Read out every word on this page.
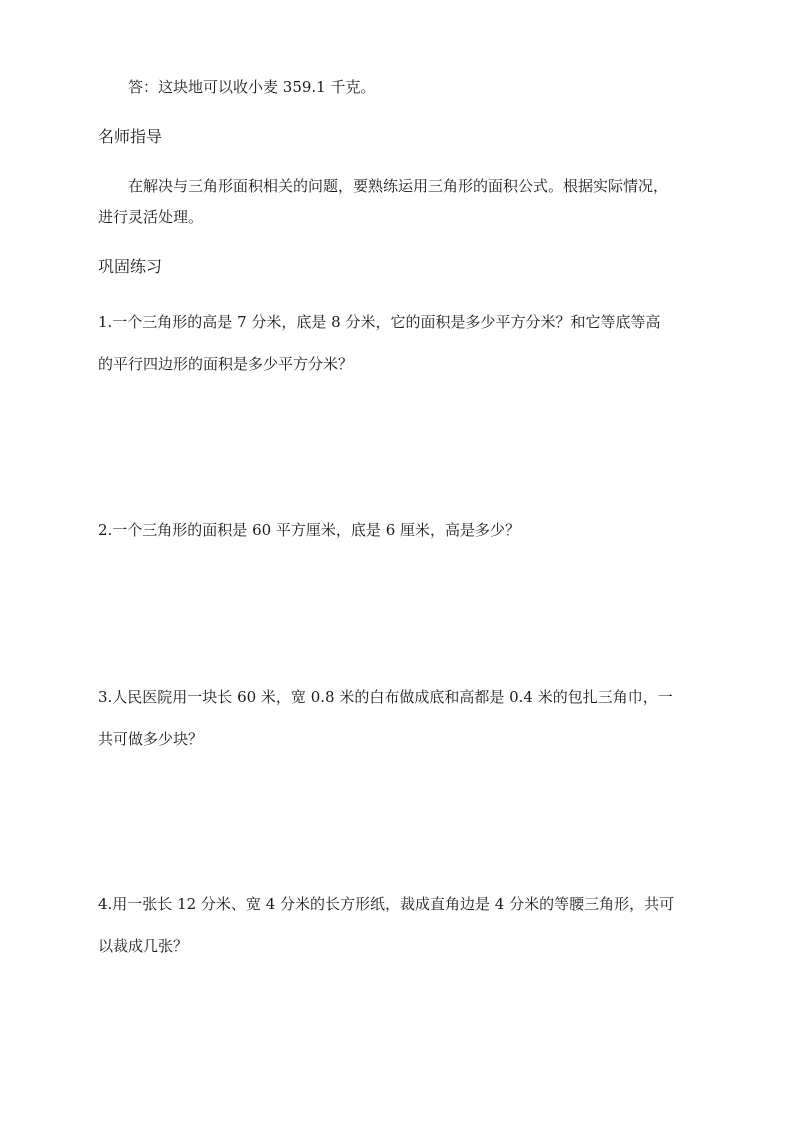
答：这块地可以收小麦 359.1 千克。
名师指导
在解决与三角形面积相关的问题，要熟练运用三角形的面积公式。根据实际情况，
进行灵活处理。
巩固练习
1.一个三角形的高是 7 分米，底是 8 分米，它的面积是多少平方分米？和它等底等高
的平行四边形的面积是多少平方分米？
2.一个三角形的面积是 60 平方厘米，底是 6 厘米，高是多少？
3.人民医院用一块长 60 米，宽 0.8 米的白布做成底和高都是 0.4 米的包扎三角巾，一
共可做多少块？
4.用一张长 12 分米、宽 4 分米的长方形纸，裁成直角边是 4 分米的等腰三角形，共可
以裁成几张？
